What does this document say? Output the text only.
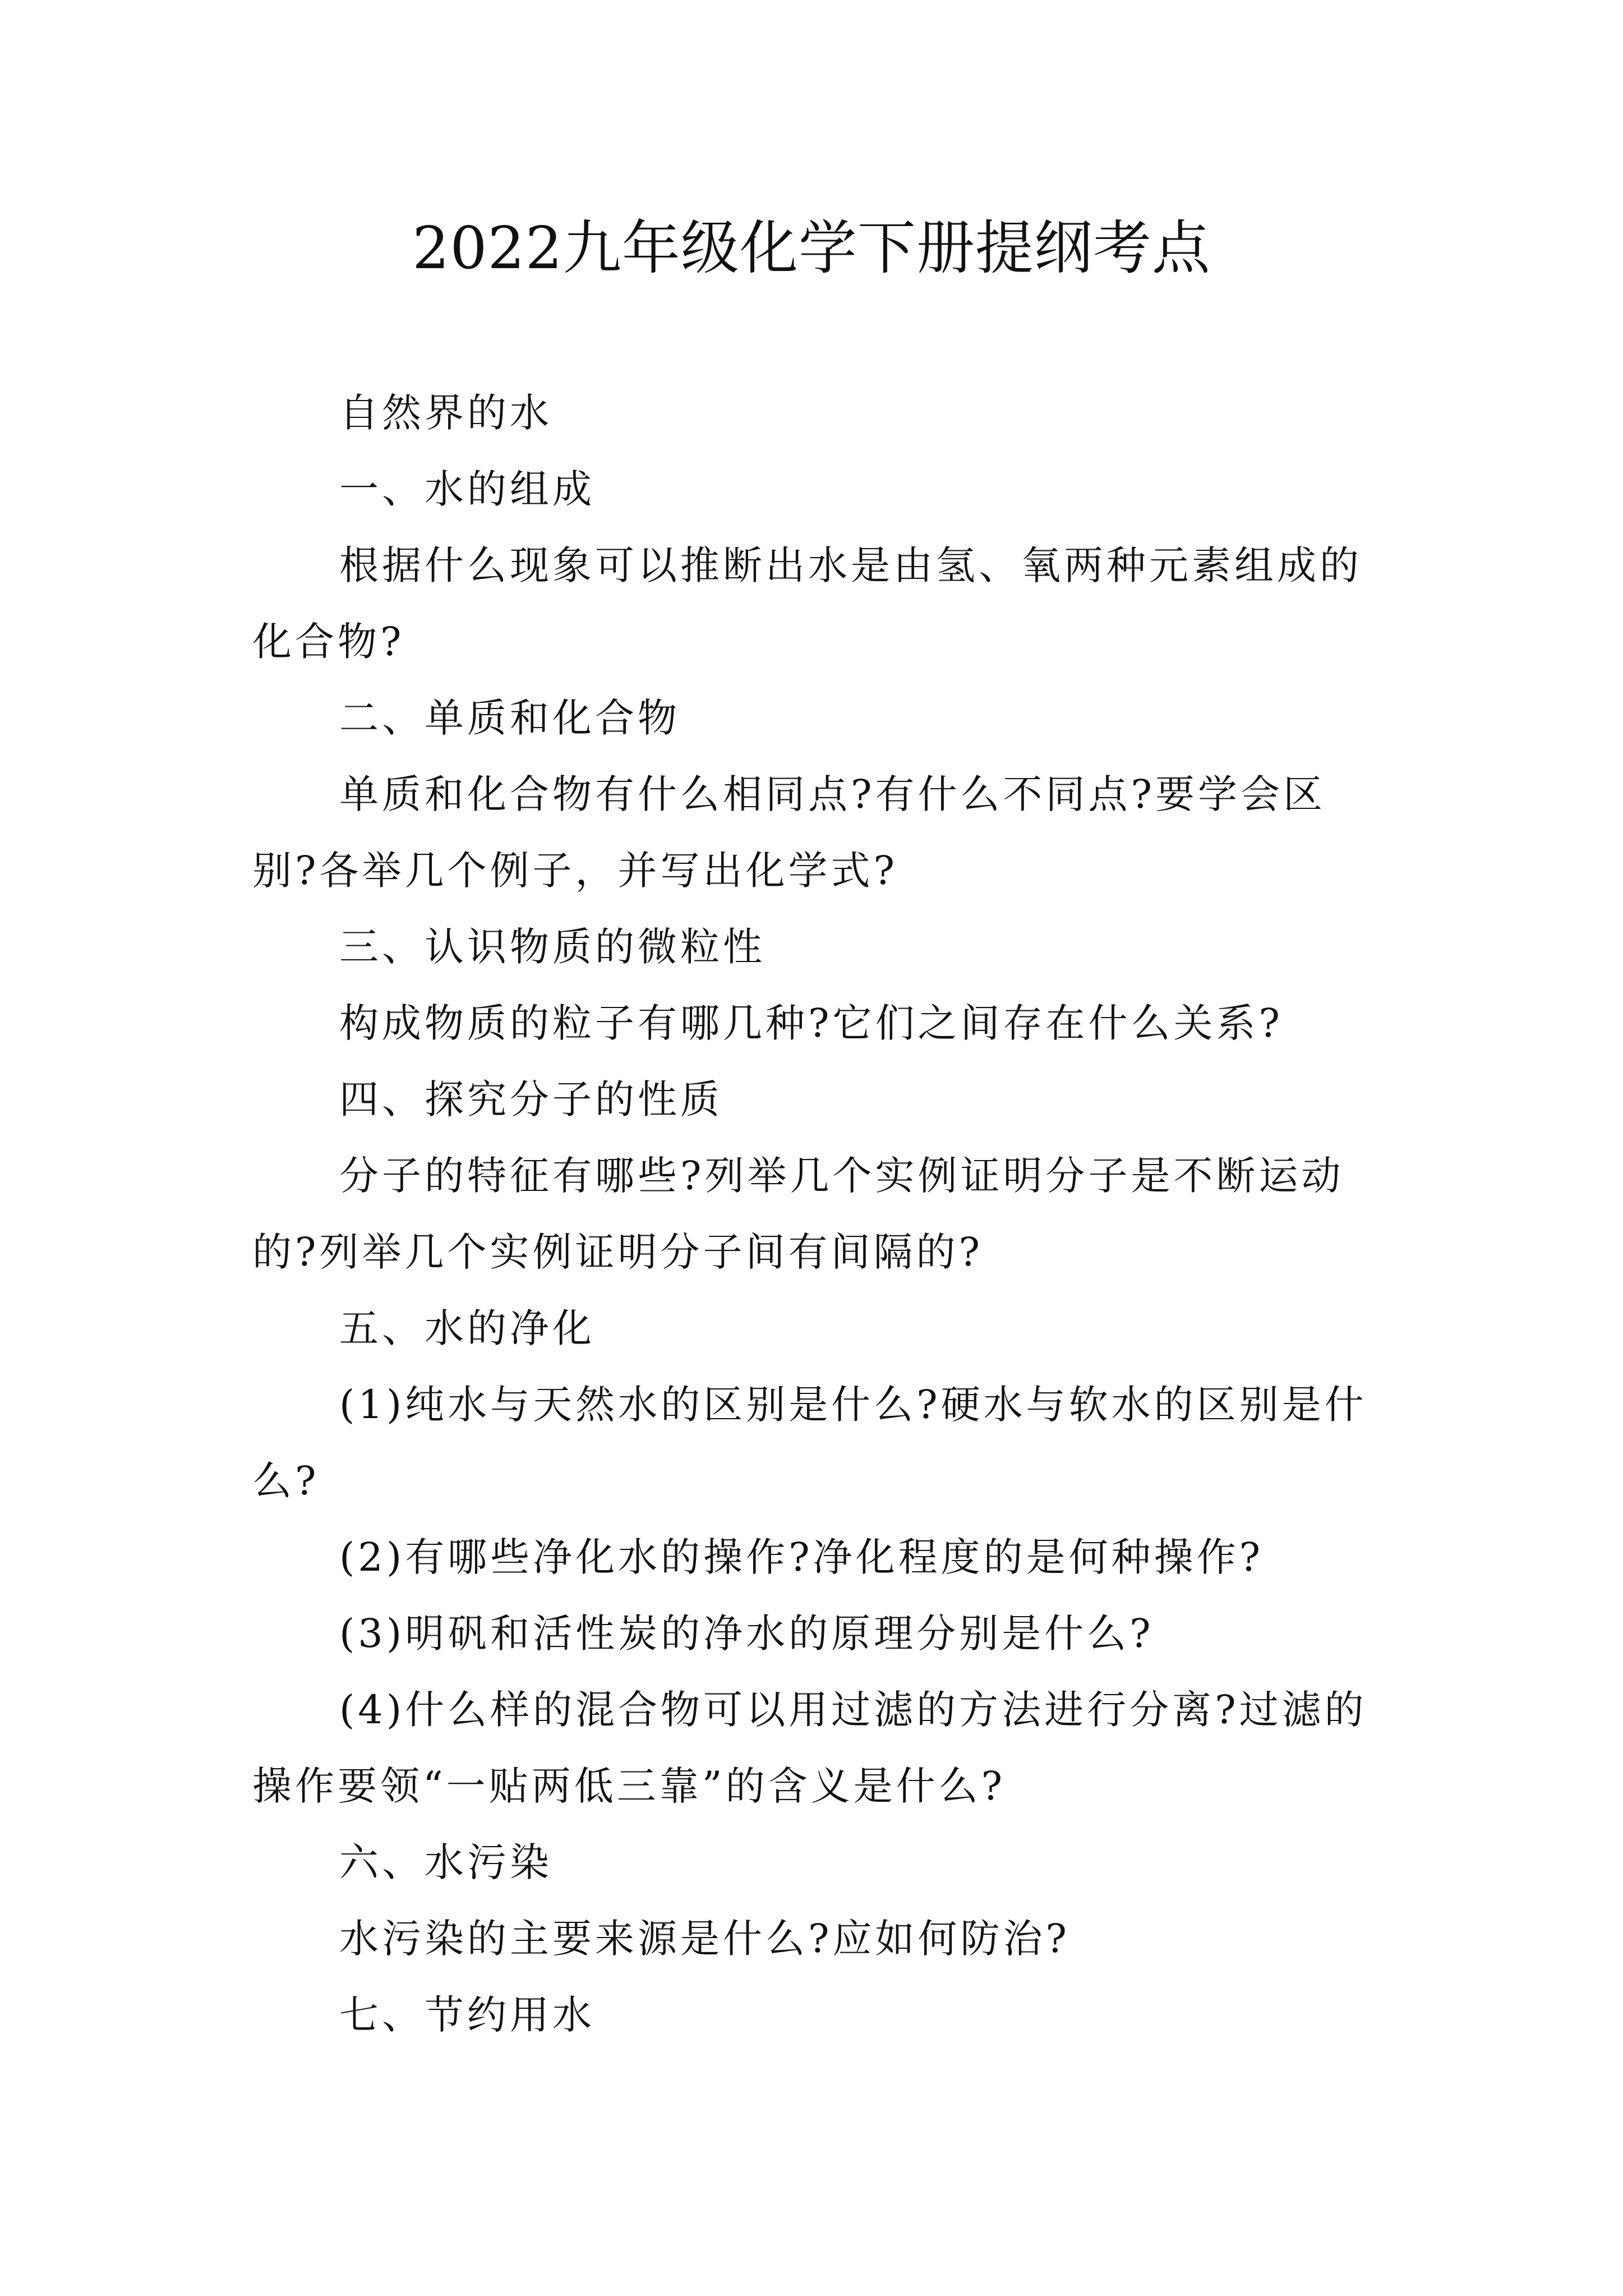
2022九年级化学下册提纲考点

自然界的水

一、水的组成

根据什么现象可以推断出水是由氢、氧两种元素组成的化合物?

二、单质和化合物

单质和化合物有什么相同点?有什么不同点?要学会区别?各举几个例子，并写出化学式?

三、认识物质的微粒性

构成物质的粒子有哪几种?它们之间存在什么关系?

四、探究分子的性质

分子的特征有哪些?列举几个实例证明分子是不断运动的?列举几个实例证明分子间有间隔的?

五、水的净化

(1)纯水与天然水的区别是什么?硬水与软水的区别是什么?

(2)有哪些净化水的操作?净化程度的是何种操作?

(3)明矾和活性炭的净水的原理分别是什么?

(4)什么样的混合物可以用过滤的方法进行分离?过滤的操作要领“一贴两低三靠”的含义是什么?

六、水污染

水污染的主要来源是什么?应如何防治?

七、节约用水
